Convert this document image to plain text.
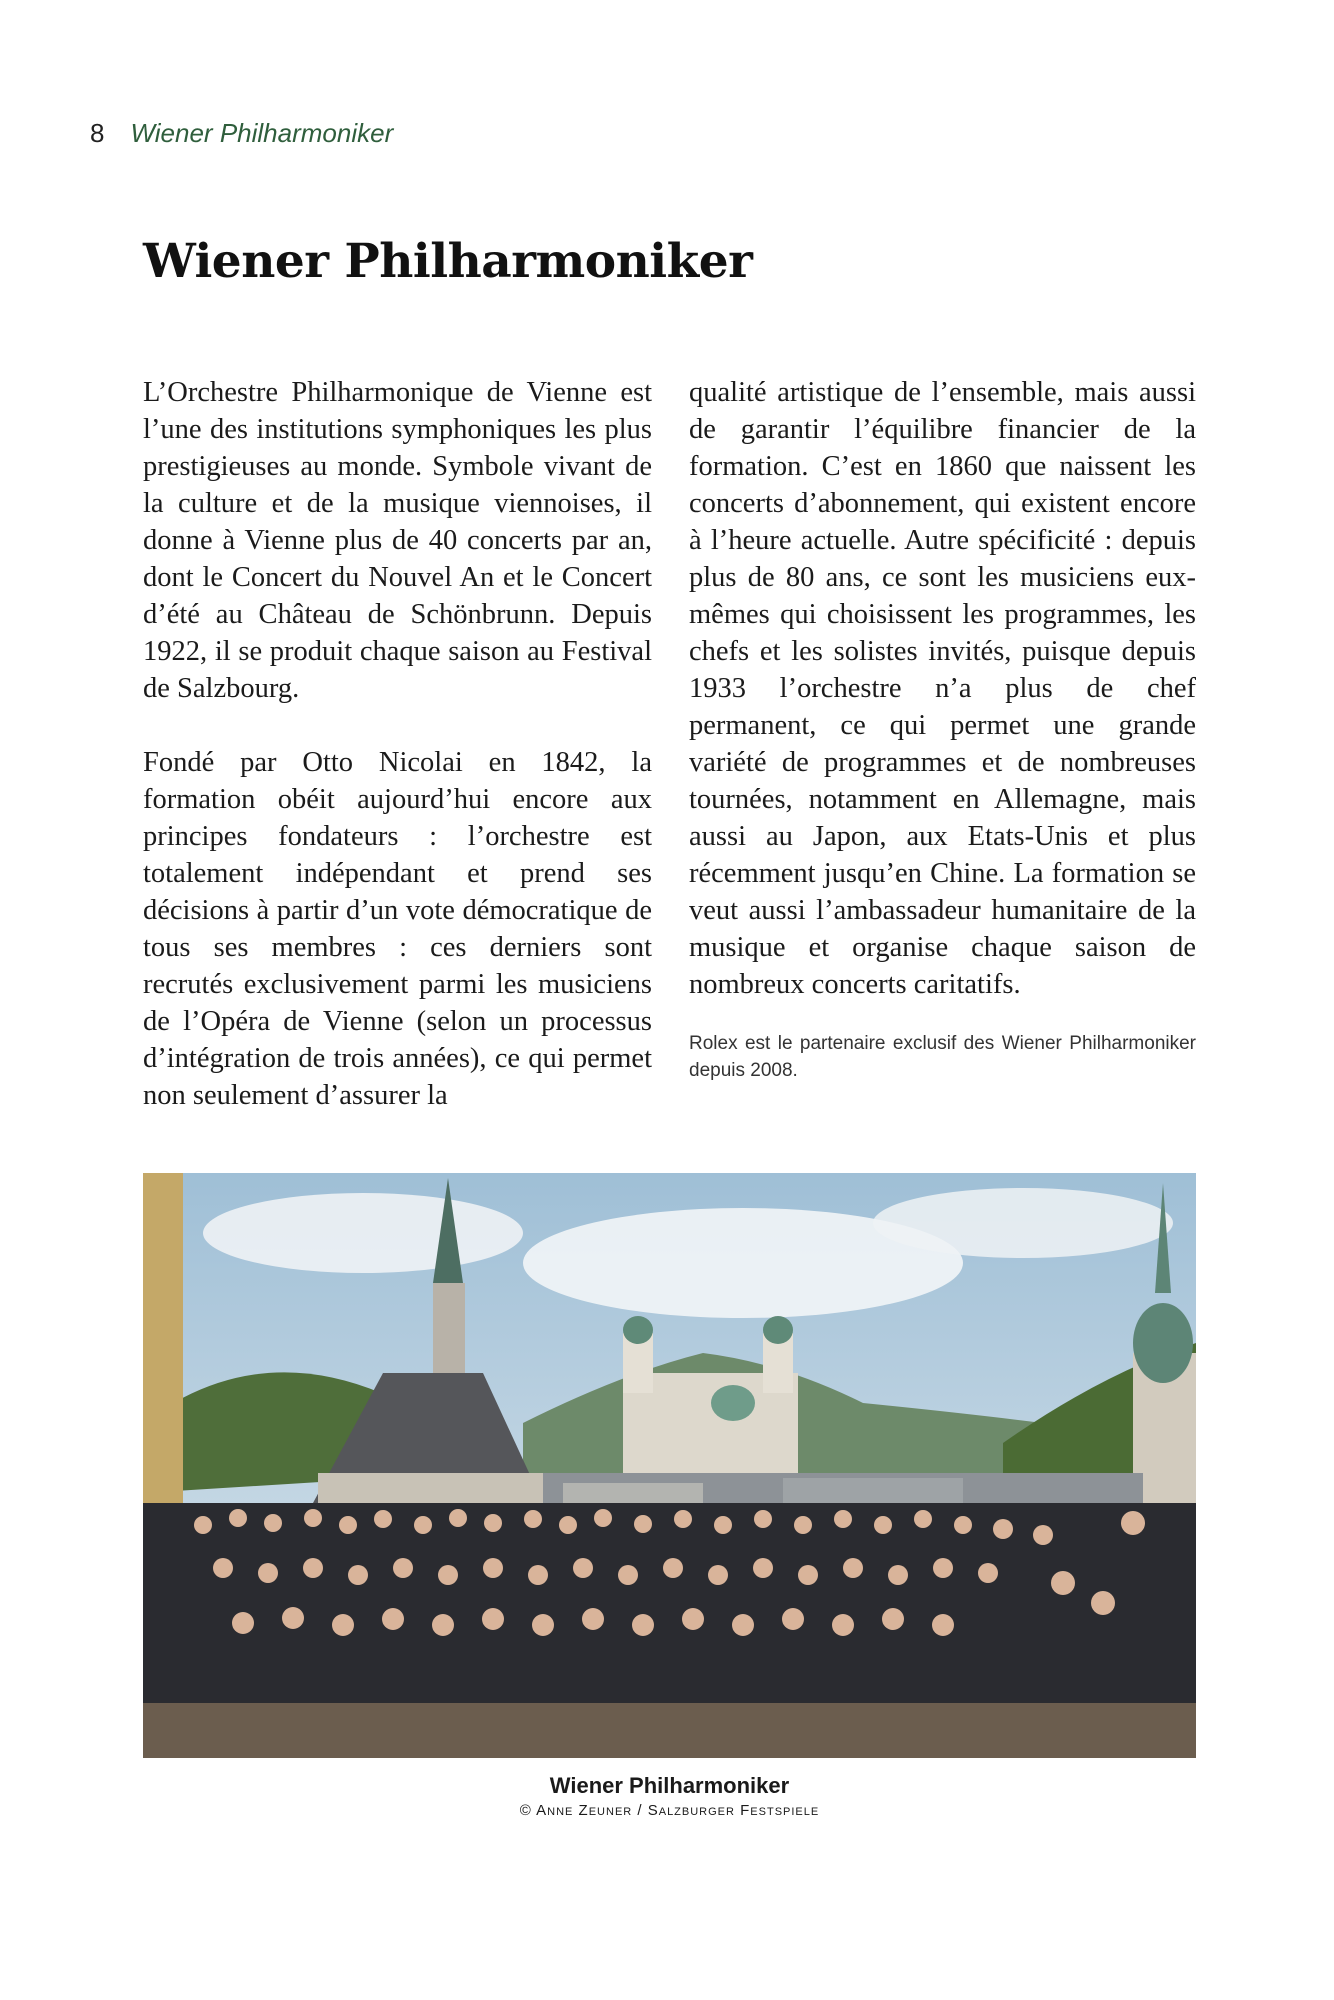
8 Wiener Philharmoniker
Wiener Philharmoniker

L’Orchestre Philharmonique de Vienne est l’une des institutions symphoniques les plus prestigieuses au monde. Symbole vivant de la culture et de la musique viennoises, il donne à Vienne plus de 40 concerts par an, dont le Concert du Nouvel An et le Concert d’été au Château de Schönbrunn. Depuis 1922, il se produit chaque saison au Festival de Salzbourg.

Fondé par Otto Nicolai en 1842, la formation obéit aujourd’hui encore aux principes fondateurs : l’orchestre est totalement indépendant et prend ses décisions à partir d’un vote démocratique de tous ses membres : ces derniers sont recrutés exclusivement parmi les musiciens de l’Opéra de Vienne (selon un processus d’intégration de trois années), ce qui permet non seulement d’assurer la

qualité artistique de l’ensemble, mais aussi de garantir l’équilibre financier de la formation. C’est en 1860 que naissent les concerts d’abonnement, qui existent encore à l’heure actuelle. Autre spécificité : depuis plus de 80 ans, ce sont les musiciens eux-mêmes qui choisissent les programmes, les chefs et les solistes invités, puisque depuis 1933 l’orchestre n’a plus de chef permanent, ce qui permet une grande variété de programmes et de nombreuses tournées, notamment en Allemagne, mais aussi au Japon, aux Etats-Unis et plus récemment jusqu’en Chine. La formation se veut aussi l’ambassadeur humanitaire de la musique et organise chaque saison de nombreux concerts caritatifs.

Rolex est le partenaire exclusif des Wiener Philharmoniker depuis 2008.
Wiener Philharmoniker
© Anne Zeuner / Salzburger Festspiele
